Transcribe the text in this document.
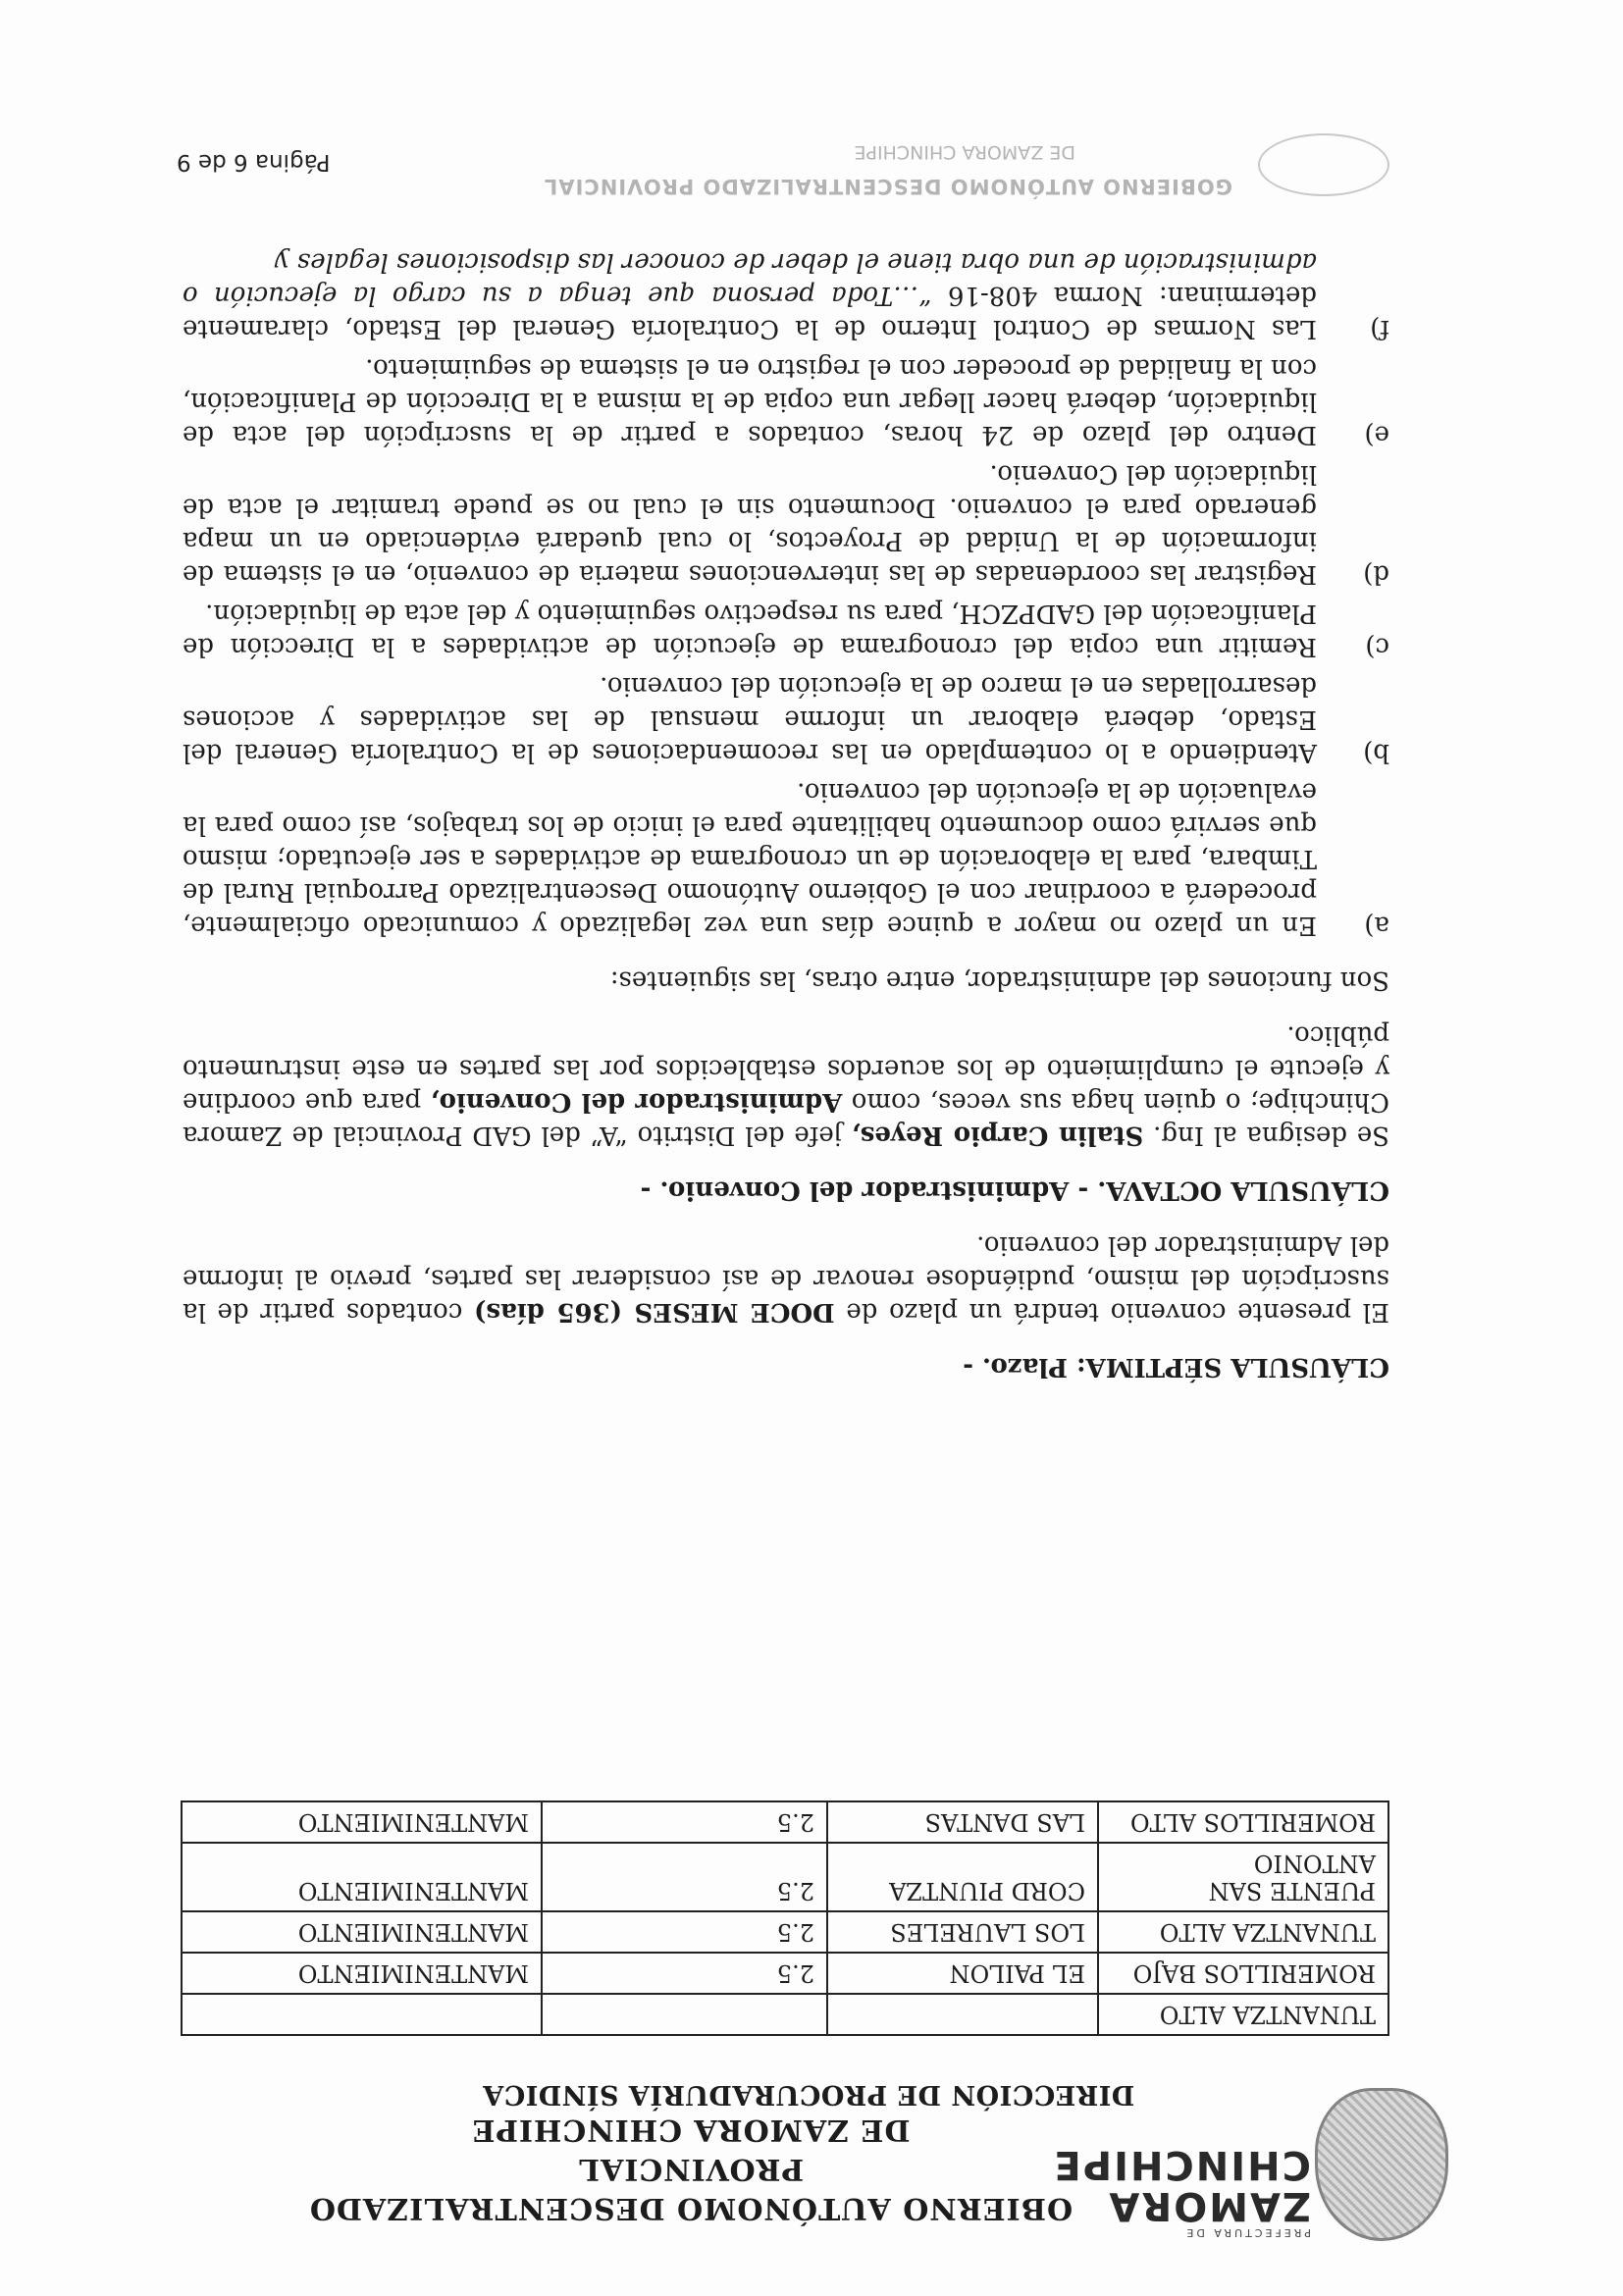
PREFECTURA DE
ZAMORA
CHINCHIPE
OBIERNO AUTÓNOMO DESCENTRALIZADO PROVINCIAL
DE ZAMORA CHINCHIPE
DIRECCIÓN DE PROCURADURÍA SÍNDICA
TUNANTZA ALTO			
ROMERILLOS BAJO	EL PAILON	2.5	MANTENIMIENTO
TUNANTZA ALTO	LOS LAURELES	2.5	MANTENIMIENTO
PUENTE SAN ANTONIO	CORD PIUNTZA	2.5	MANTENIMIENTO
ROMERILLOS ALTO	LAS DANTAS	2.5	MANTENIMIENTO

CLÁUSULA SÉPTIMA: Plazo. -

El presente convenio tendrá un plazo de DOCE MESES (365 días) contados partir de la suscripción del mismo, pudiéndose renovar de así considerar las partes, previo al informe del Administrador del convenio.

CLÁUSULA OCTAVA. - Administrador del Convenio. -

Se designa al Ing. Stalin Carpio Reyes, jefe del Distrito “A” del GAD Provincial de Zamora Chinchipe; o quien haga sus veces, como Administrador del Convenio, para que coordine y ejecute el cumplimiento de los acuerdos establecidos por las partes en este instrumento público.

Son funciones del administrador, entre otras, las siguientes:

a)
En un plazo no mayor a quince días una vez legalizado y comunicado oficialmente, procederá a coordinar con el Gobierno Autónomo Descentralizado Parroquial Rural de Timbara, para la elaboración de un cronograma de actividades a ser ejecutado; mismo que servirá como documento habilitante para el inicio de los trabajos, así como para la evaluación de la ejecución del convenio.
b)
Atendiendo a lo contemplado en las recomendaciones de la Contraloría General del Estado, deberá elaborar un informe mensual de las actividades y acciones desarrolladas en el marco de la ejecución del convenio.
c)
Remitir una copia del cronograma de ejecución de actividades a la Dirección de Planificación del GADPZCH, para su respectivo seguimiento y del acta de liquidación.
d)
Registrar las coordenadas de las intervenciones materia de convenio, en el sistema de información de la Unidad de Proyectos, lo cual quedará evidenciado en un mapa generado para el convenio. Documento sin el cual no se puede tramitar el acta de liquidación del Convenio.
e)
Dentro del plazo de 24 horas, contados a partir de la suscripción del acta de liquidación, deberá hacer llegar una copia de la misma a la Dirección de Planificación, con la finalidad de proceder con el registro en el sistema de seguimiento.
f)
Las Normas de Control Interno de la Contraloría General del Estado, claramente determinan: Norma 408-16 “…Toda persona que tenga a su cargo la ejecución o administración de una obra tiene el deber de conocer las disposiciones legales y
GOBIERNO AUTÓNOMO DESCENTRALIZADO PROVINCIAL
DE ZAMORA CHINCHIPE
Página 6 de 9
